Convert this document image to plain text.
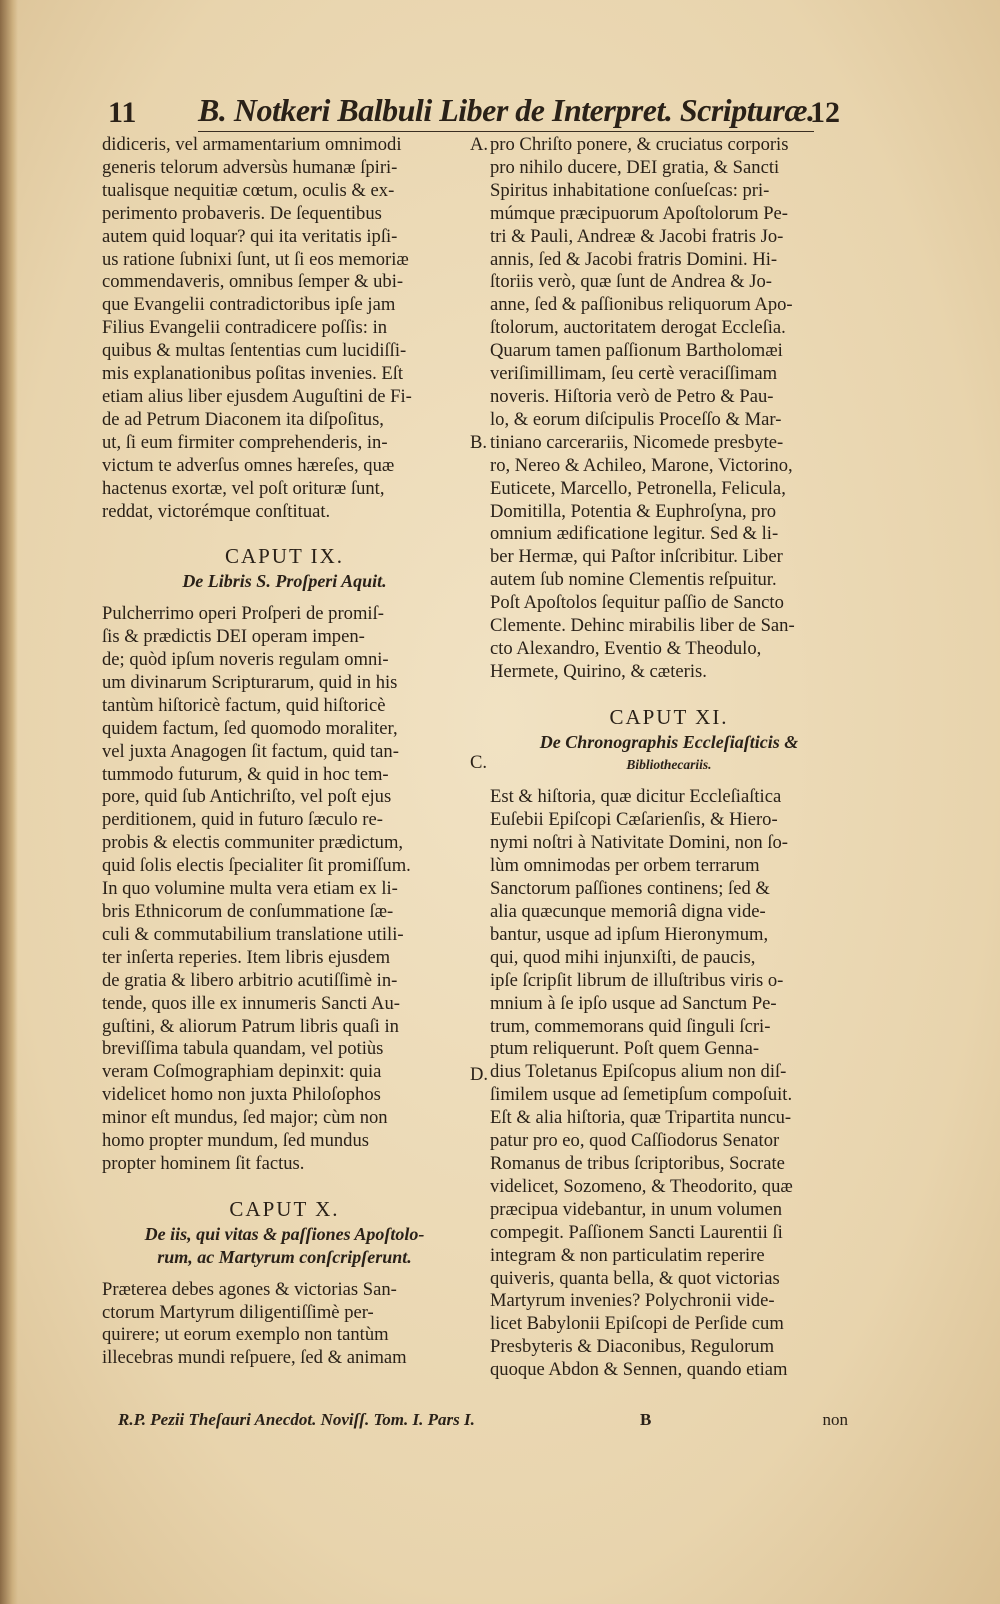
11 B. Notkeri Balbuli Liber de Interpret. Scripturæ.
12
didiceris, vel armamentarium omnimodi
generis telorum adversùs humanæ ſpiri-
tualisque nequitiæ cœtum, oculis & ex-
perimento probaveris. De ſequentibus
autem quid loquar? qui ita veritatis ipſi-
us ratione ſubnixi ſunt, ut ſi eos memoriæ
commendaveris, omnibus ſemper & ubi-
que Evangelii contradictoribus ipſe jam
Filius Evangelii contradicere poſſis: in
quibus & multas ſententias cum lucidiſſi-
mis explanationibus poſitas invenies. Eſt
etiam alius liber ejusdem Auguſtini de Fi-
de ad Petrum Diaconem ita diſpoſitus,
ut, ſi eum firmiter comprehenderis, in-
victum te adverſus omnes hæreſes, quæ
hactenus exortæ, vel poſt orituræ ſunt,
reddat, victorémque conſtituat.
CAPUT IX.
De Libris S. Proſperi Aquit.
Pulcherrimo operi Proſperi de promiſ-
ſis & prædictis DEI operam impen-
de; quòd ipſum noveris regulam omni-
um divinarum Scripturarum, quid in his
tantùm hiſtoricè factum, quid hiſtoricè
quidem factum, ſed quomodo moraliter,
vel juxta Anagogen ſit factum, quid tan-
tummodo futurum, & quid in hoc tem-
pore, quid ſub Antichriſto, vel poſt ejus
perditionem, quid in futuro ſæculo re-
probis & electis communiter prædictum,
quid ſolis electis ſpecialiter ſit promiſſum.
In quo volumine multa vera etiam ex li-
bris Ethnicorum de conſummatione ſæ-
culi & commutabilium translatione utili-
ter inſerta reperies. Item libris ejusdem
de gratia & libero arbitrio acutiſſimè in-
tende, quos ille ex innumeris Sancti Au-
guſtini, & aliorum Patrum libris quaſi in
breviſſima tabula quandam, vel potiùs
veram Coſmographiam depinxit: quia
videlicet homo non juxta Philoſophos
minor eſt mundus, ſed major; cùm non
homo propter mundum, ſed mundus
propter hominem ſit factus.
CAPUT X.
De iis, qui vitas & paſſiones Apoſtolo-
rum, ac Martyrum conſcripſerunt.
Præterea debes agones & victorias San-
ctorum Martyrum diligentiſſimè per-
quirere; ut eorum exemplo non tantùm
illecebras mundi reſpuere, ſed & animam
pro Chriſto ponere, & cruciatus corporis
pro nihilo ducere, DEI gratia, & Sancti
Spiritus inhabitatione conſueſcas: pri-
múmque præcipuorum Apoſtolorum Pe-
tri & Pauli, Andreæ & Jacobi fratris Jo-
annis, ſed & Jacobi fratris Domini. Hi-
ſtoriis verò, quæ ſunt de Andrea & Jo-
anne, ſed & paſſionibus reliquorum Apo-
ſtolorum, auctoritatem derogat Eccleſia.
Quarum tamen paſſionum Bartholomæi
veriſimillimam, ſeu certè veraciſſimam
noveris. Hiſtoria verò de Petro & Pau-
lo, & eorum diſcipulis Proceſſo & Mar-
tiniano carcerariis, Nicomede presbyte-
ro, Nereo & Achileo, Marone, Victorino,
Euticete, Marcello, Petronella, Felicula,
Domitilla, Potentia & Euphroſyna, pro
omnium ædificatione legitur. Sed & li-
ber Hermæ, qui Paſtor inſcribitur. Liber
autem ſub nomine Clementis reſpuitur.
Poſt Apoſtolos ſequitur paſſio de Sancto
Clemente. Dehinc mirabilis liber de San-
cto Alexandro, Eventio & Theodulo,
Hermete, Quirino, & cæteris.
CAPUT XI.
De Chronographis Eccleſiaſticis &
Bibliothecariis.
Est & hiſtoria, quæ dicitur Eccleſiaſtica
Euſebii Epiſcopi Cæſarienſis, & Hiero-
nymi noſtri à Nativitate Domini, non ſo-
lùm omnimodas per orbem terrarum
Sanctorum paſſiones continens; ſed &
alia quæcunque memoriâ digna vide-
bantur, usque ad ipſum Hieronymum,
qui, quod mihi injunxiſti, de paucis,
ipſe ſcripſit librum de illuſtribus viris o-
mnium à ſe ipſo usque ad Sanctum Pe-
trum, commemorans quid ſinguli ſcri-
ptum reliquerunt. Poſt quem Genna-
dius Toletanus Epiſcopus alium non diſ-
ſimilem usque ad ſemetipſum compoſuit.
Eſt & alia hiſtoria, quæ Tripartita nuncu-
patur pro eo, quod Caſſiodorus Senator
Romanus de tribus ſcriptoribus, Socrate
videlicet, Sozomeno, & Theodorito, quæ
præcipua videbantur, in unum volumen
compegit. Paſſionem Sancti Laurentii ſi
integram & non particulatim reperire
quiveris, quanta bella, & quot victorias
Martyrum invenies? Polychronii vide-
licet Babylonii Epiſcopi de Perſide cum
Presbyteris & Diaconibus, Regulorum
quoque Abdon & Sennen, quando etiam
A.
B.
C.
D.
R.P. Pezii Theſauri Anecdot. Noviſſ. Tom. I. Pars I.	B	non
